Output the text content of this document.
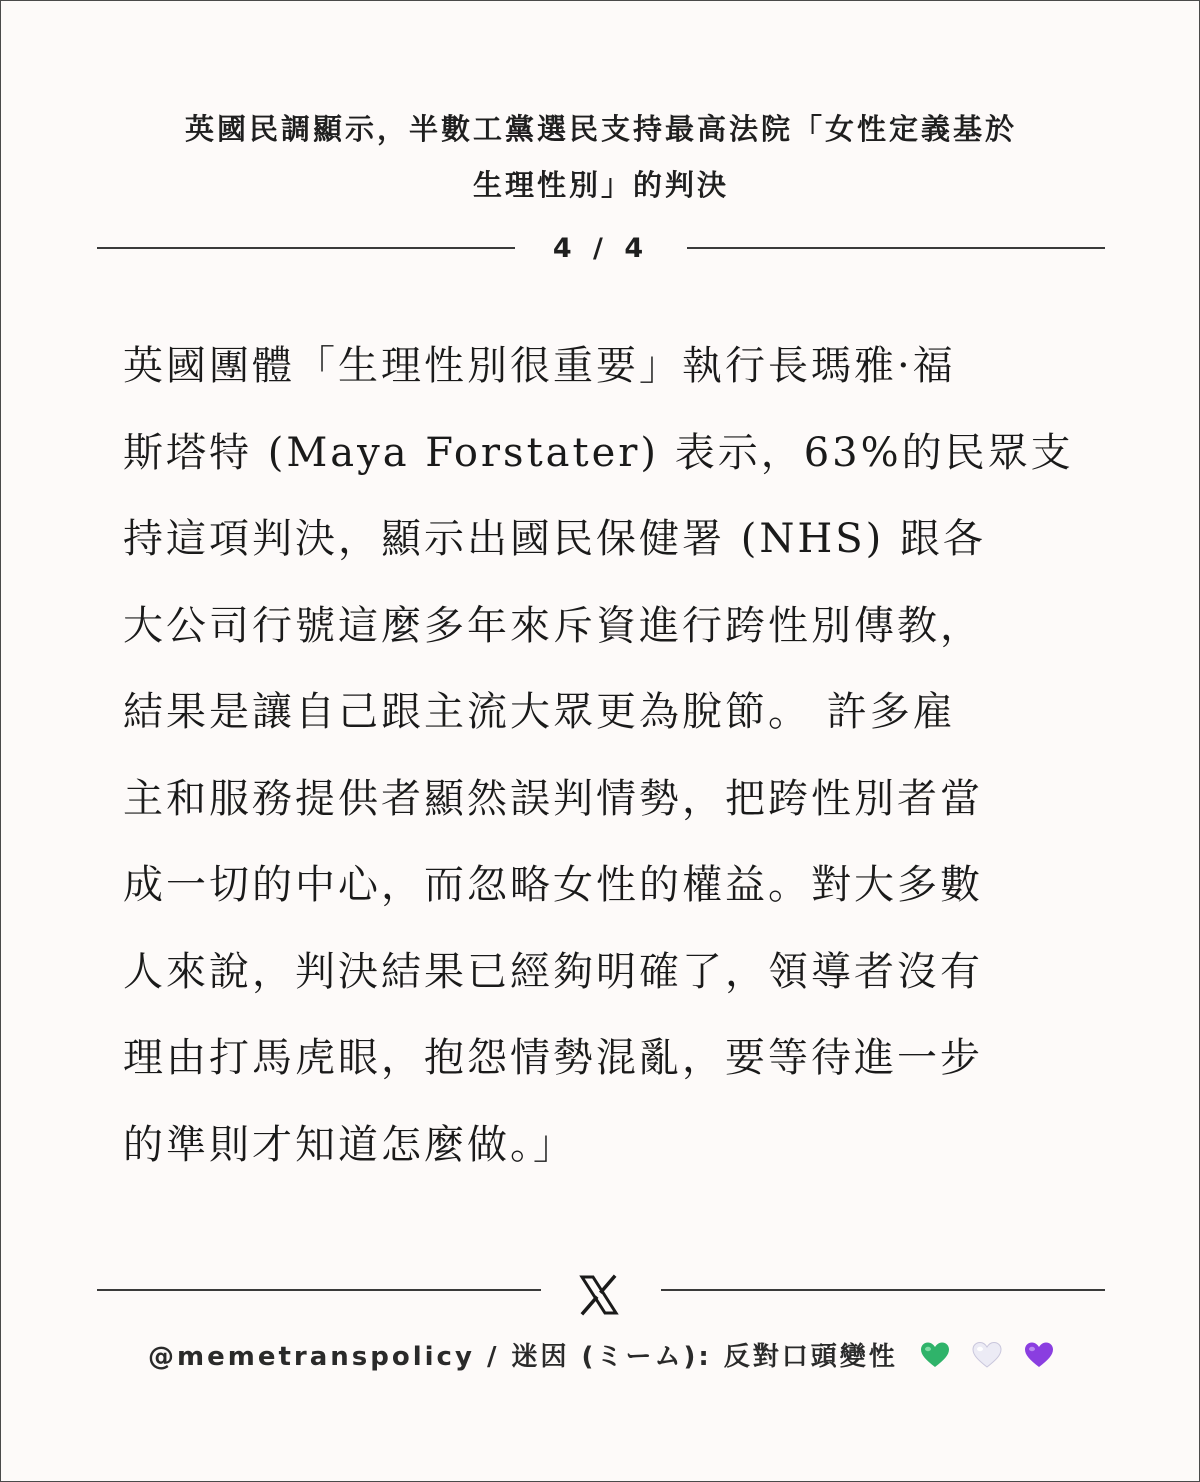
英國民調顯示，半數工黨選民支持最高法院「女性定義基於
生理性別」的判決
4 / 4
英國團體「生理性別很重要」執行長瑪雅·福
斯塔特 (Maya Forstater) 表示，63%的民眾支
持這項判決，顯示出國民保健署 (NHS) 跟各
大公司行號這麼多年來斥資進行跨性別傳教，
結果是讓自己跟主流大眾更為脫節。 許多雇
主和服務提供者顯然誤判情勢，把跨性別者當
成一切的中心，而忽略女性的權益。對大多數
人來說，判決結果已經夠明確了，領導者沒有
理由打馬虎眼，抱怨情勢混亂，要等待進一步
的準則才知道怎麼做。」
@memetranspolicy / 迷因 (ミーム): 反對口頭變性
